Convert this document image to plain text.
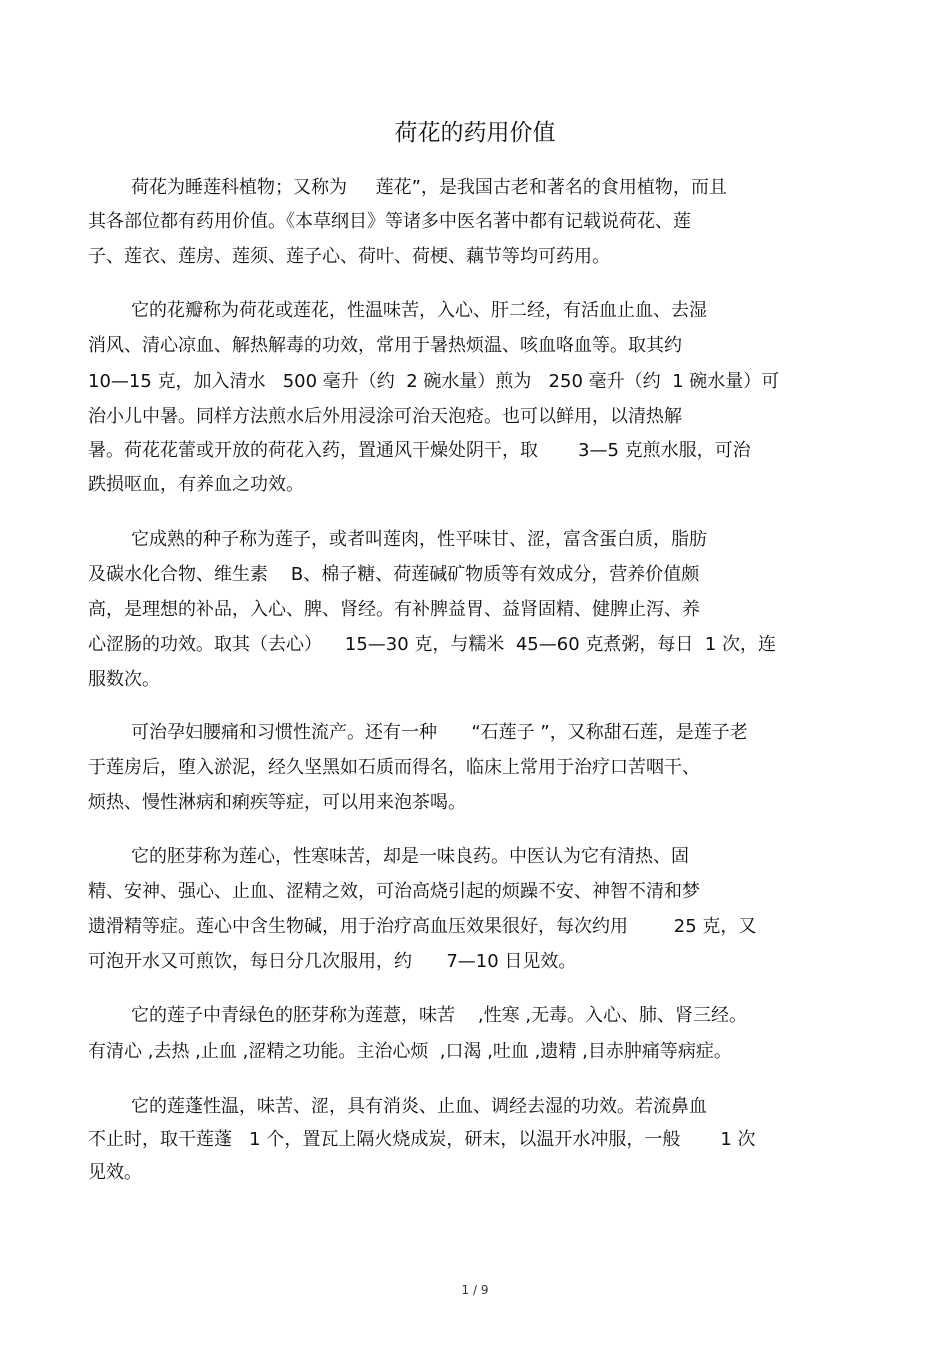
荷花的药用价值
荷花为睡莲科植物；又称为     莲花”，是我国古老和著名的食用植物，而且
其各部位都有药用价值。《本草纲目》等诸多中医名著中都有记载说荷花、莲
子、莲衣、莲房、莲须、莲子心、荷叶、荷梗、藕节等均可药用。
它的花瓣称为荷花或莲花，性温味苦，入心、肝二经，有活血止血、去湿
消风、清心凉血、解热解毒的功效，常用于暑热烦温、咳血咯血等。取其约
10—15 克，加入清水   500 毫升（约  2 碗水量）煎为   250 毫升（约  1 碗水量）可
治小儿中暑。同样方法煎水后外用浸涂可治天泡疮。也可以鲜用，以清热解
暑。荷花花蕾或开放的荷花入药，置通风干燥处阴干，取       3—5 克煎水服，可治
跌损呕血，有养血之功效。
它成熟的种子称为莲子，或者叫莲肉，性平味甘、涩，富含蛋白质，脂肪
及碳水化合物、维生素    B、棉子糖、荷莲碱矿物质等有效成分，营养价值颇
高，是理想的补品，入心、脾、肾经。有补脾益胃、益肾固精、健脾止泻、养
心涩肠的功效。取其（去心）    15—30 克，与糯米  45—60 克煮粥，每日  1 次，连
服数次。
可治孕妇腰痛和习惯性流产。还有一种      “石莲子 ”，又称甜石莲，是莲子老
于莲房后，堕入淤泥，经久坚黑如石质而得名，临床上常用于治疗口苦咽干、
烦热、慢性淋病和痢疾等症，可以用来泡茶喝。
它的胚芽称为莲心，性寒味苦，却是一味良药。中医认为它有清热、固
精、安神、强心、止血、涩精之效，可治高烧引起的烦躁不安、神智不清和梦
遗滑精等症。莲心中含生物碱，用于治疗高血压效果很好，每次约用        25 克，又
可泡开水又可煎饮，每日分几次服用，约      7—10 日见效。
它的莲子中青绿色的胚芽称为莲薏，味苦    ,性寒 ,无毒。入心、肺、肾三经。
有清心 ,去热 ,止血 ,涩精之功能。主治心烦  ,口渴 ,吐血 ,遗精 ,目赤肿痛等病症。
它的莲蓬性温，味苦、涩，具有消炎、止血、调经去湿的功效。若流鼻血
不止时，取干莲蓬   1 个，置瓦上隔火烧成炭，研末，以温开水冲服，一般       1 次
见效。
1 / 9
